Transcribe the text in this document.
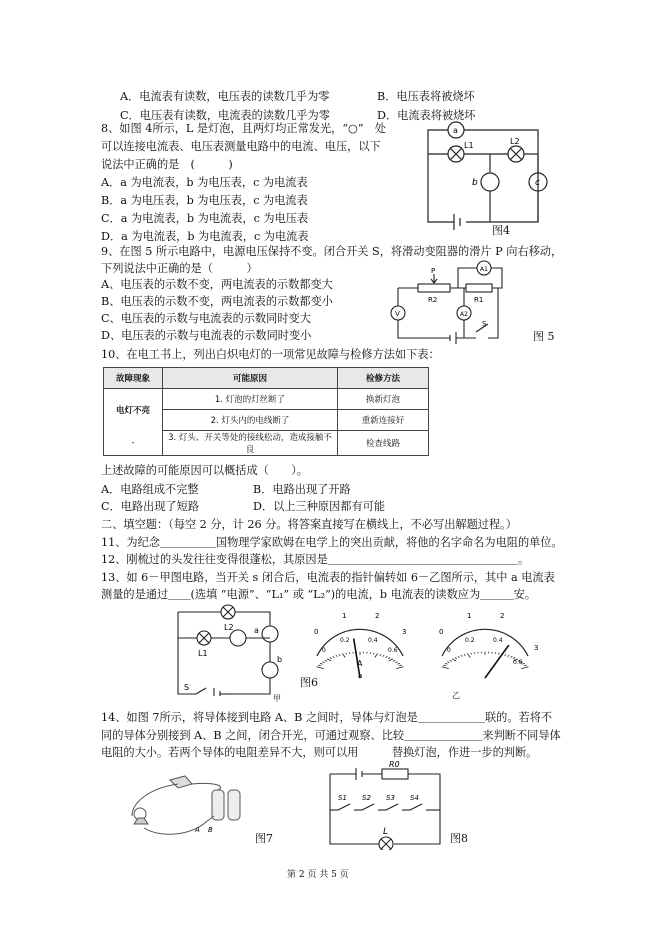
A．电流表有读数，电压表的读数几乎为零	B．电压表将被烧坏
C．电压表有读数，电流表的读数几乎为零	D．电流表将被烧坏
8、如图 4所示，L 是灯泡，且两灯均正常发光，“○”　处
可以连接电流表、电压表测量电路中的电流、电压，以下
说法中正确的是　(　　　)
A．a 为电流表，b 为电压表，c 为电流表
B．a 为电压表，b 为电压表，c 为电流表
C．a 为电流表，b 为电流表，c 为电压表
D．a 为电流表，b 为电流表，c 为电流表
a
L1	L2
b	c
图4
9、在图 5 所示电路中，电源电压保持不变。闭合开关 S，将滑动变阻器的滑片 P 向右移动，
下列说法中正确的是（　　　）
A、电压表的示数不变，两电流表的示数都变大
B、电压表的示数不变，两电流表的示数都变小
C、电压表的示数与电流表的示数同时变大
D、电压表的示数与电流表的示数同时变小
P
R2	R1
A1
A2
V
S
图 5
10、在电工书上，列出白炽电灯的一项常见故障与检修方法如下表：
故障现象	可能原因	检修方法
电灯不亮	1. 灯泡的灯丝断了	换新灯泡
	2. 灯头内的电线断了	重新连接好
-	3. 灯头、开关等处的接线松动，造成接触不良	检查线路
上述故障的可能原因可以概括成（　　）。
A．电路组成不完整	B．电路出现了开路
C．电路出现了短路	D．以上三种原因都有可能
二、填空题：（每空 2 分，计 26 分。将答案直接写在横线上，不必写出解题过程。）
11、为纪念＿＿＿＿＿国物理学家欧姆在电学上的突出贡献，将他的名字命名为电阻的单位。
12、刚梳过的头发往往变得很蓬松，其原因是＿＿＿＿＿＿＿＿＿＿＿＿＿＿＿＿＿。
13、如 6－甲图电路，当开关 s 闭合后，电流表的指针偏转如 6－乙图所示，其中 a 电流表
测量的是通过＿＿(选填 “电源”、“L₁” 或 “L₂”)的电流，b 电流表的读数应为＿＿＿安。
L2
L1
a
b
S
甲
图6
0
1	2
3
0
0.2	0.4
0.6
A
a
0
1	2
3
0
0.2	0.4
0.6
乙
14、如图 7所示，将导体接到电路 A、B 之间时，导体与灯泡是＿＿＿＿＿＿联的。若将不
同的导体分别接到 A、B 之间，闭合开光，可通过观察、比较＿＿＿＿＿＿＿来判断不同导体
电阻的大小。若两个导体的电阻差异不大，则可以用　　　替换灯泡，作进一步的判断。
A B
图7
R0
S1 S2 S3 S4
L	图8
第 2 页 共 5 页
